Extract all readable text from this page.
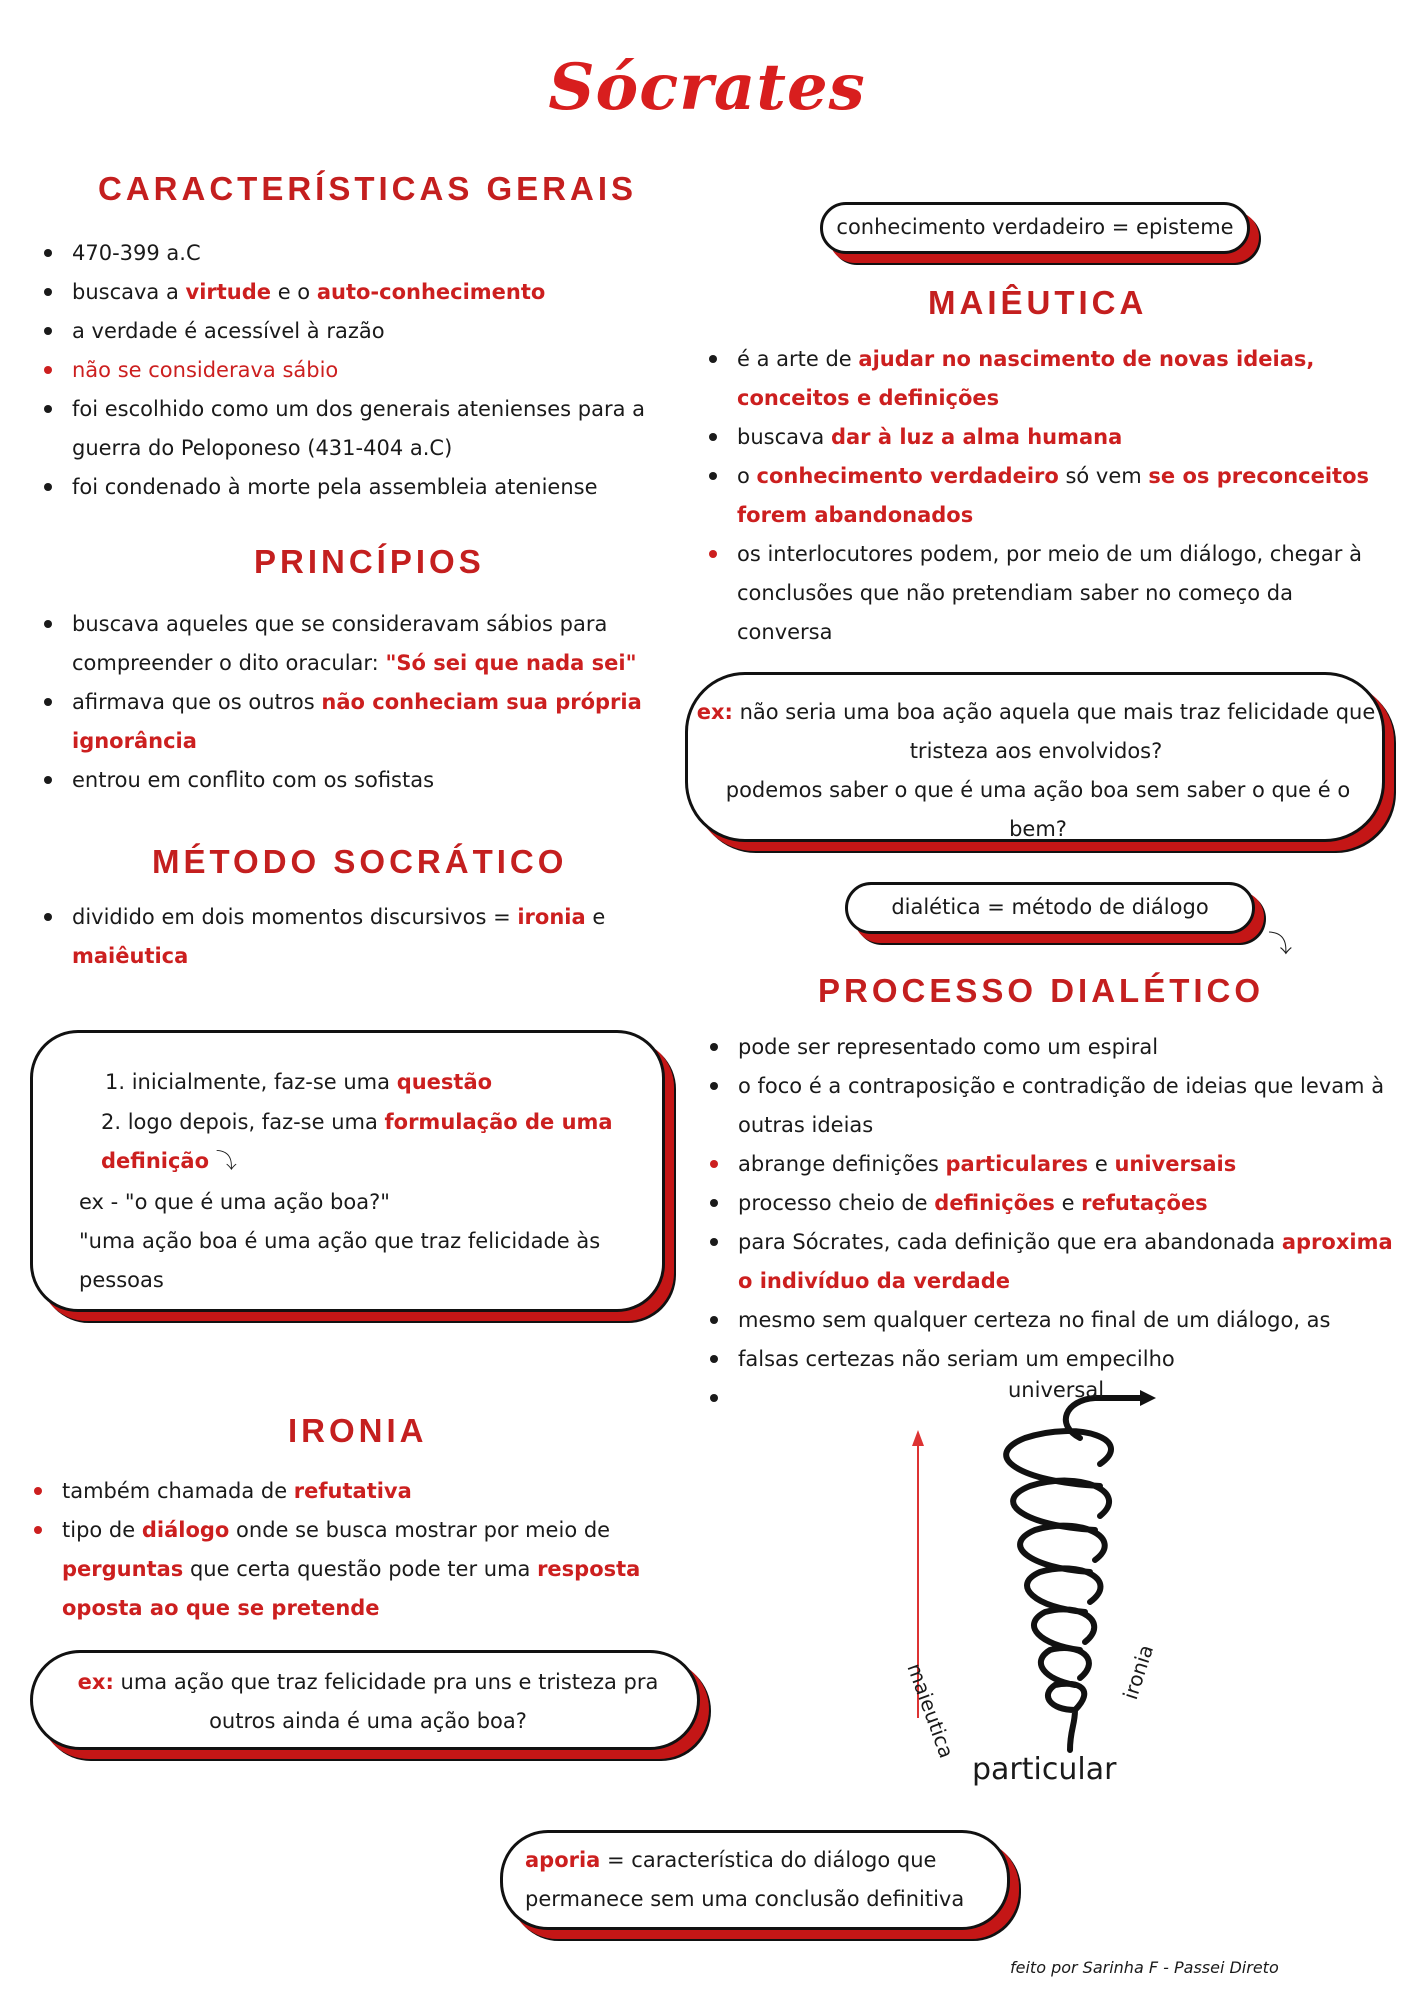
Sócrates
CARACTERÍSTICAS GERAIS
470-399 a.C
buscava a virtude e o auto-conhecimento
a verdade é acessível à razão
não se considerava sábio
foi escolhido como um dos generais atenienses para a guerra do Peloponeso (431-404 a.C)
foi condenado à morte pela assembleia ateniense
PRINCÍPIOS
buscava aqueles que se consideravam sábios para compreender o dito oracular: "Só sei que nada sei"
afirmava que os outros não conheciam sua própria ignorância
entrou em conflito com os sofistas
MÉTODO SOCRÁTICO
dividido em dois momentos discursivos = ironia e maiêutica
1. inicialmente, faz-se uma questão
2. logo depois, faz-se uma formulação de uma definição ⤵
ex - "o que é uma ação boa?"
"uma ação boa é uma ação que traz felicidade às pessoas
IRONIA
também chamada de refutativa
tipo de diálogo onde se busca mostrar por meio de perguntas que certa questão pode ter uma resposta oposta ao que se pretende
ex: uma ação que traz felicidade pra uns e tristeza pra outros ainda é uma ação boa?
conhecimento verdadeiro = episteme
MAIÊUTICA
é a arte de ajudar no nascimento de novas ideias, conceitos e definições
buscava dar à luz a alma humana
o conhecimento verdadeiro só vem se os preconceitos forem abandonados
os interlocutores podem, por meio de um diálogo, chegar à conclusões que não pretendiam saber no começo da conversa
ex: não seria uma boa ação aquela que mais traz felicidade que tristeza aos envolvidos?
podemos saber o que é uma ação boa sem saber o que é o bem?
dialética = método de diálogo
⤵
PROCESSO DIALÉTICO
pode ser representado como um espiral
o foco é a contraposição e contradição de ideias que levam à outras ideias
abrange definições particulares e universais
processo cheio de definições e refutações
para Sócrates, cada definição que era abandonada aproxima o indivíduo da verdade
mesmo sem qualquer certeza no final de um diálogo, as
falsas certezas não seriam um empecilho
universal
particular
maieutica	ironia
aporia = característica do diálogo que permanece sem uma conclusão definitiva
feito por Sarinha F - Passei Direto
